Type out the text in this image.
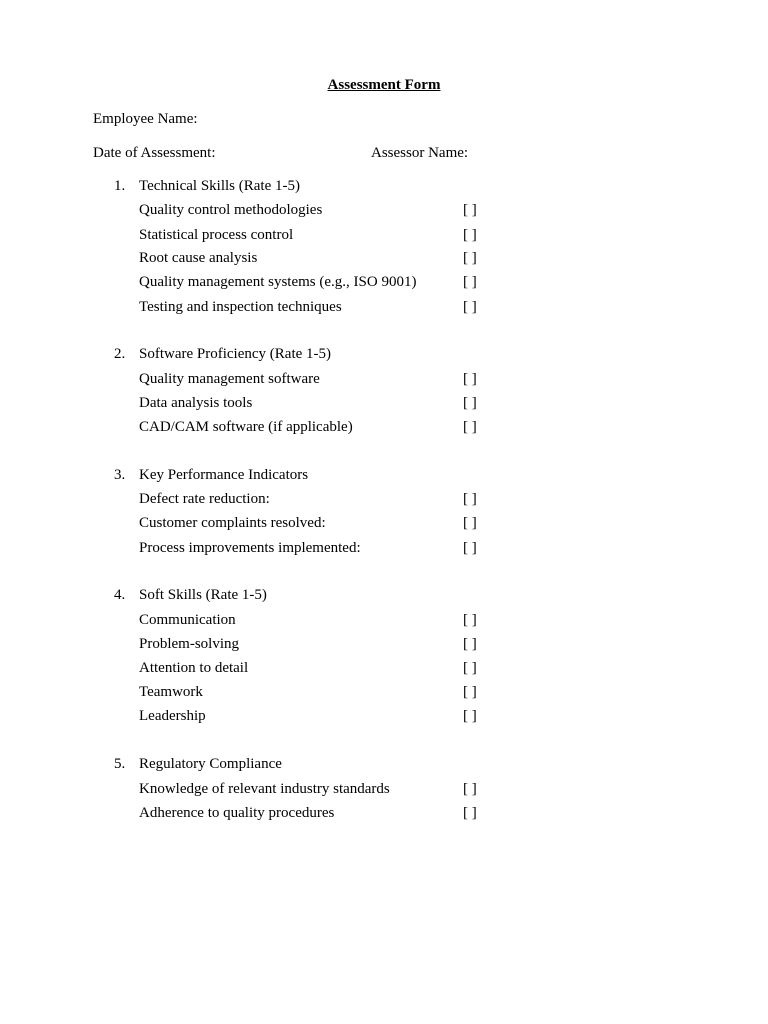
Assessment Form
Employee Name:
Date of Assessment:	Assessor Name:
1. Technical Skills (Rate 1-5)
Quality control methodologies	[ ]
Statistical process control	[ ]
Root cause analysis	[ ]
Quality management systems (e.g., ISO 9001)	[ ]
Testing and inspection techniques	[ ]
2. Software Proficiency (Rate 1-5)
Quality management software	[ ]
Data analysis tools	[ ]
CAD/CAM software (if applicable)	[ ]
3. Key Performance Indicators
Defect rate reduction:	[ ]
Customer complaints resolved:	[ ]
Process improvements implemented:	[ ]
4. Soft Skills (Rate 1-5)
Communication	[ ]
Problem-solving	[ ]
Attention to detail	[ ]
Teamwork	[ ]
Leadership	[ ]
5. Regulatory Compliance
Knowledge of relevant industry standards	[ ]
Adherence to quality procedures	[ ]
